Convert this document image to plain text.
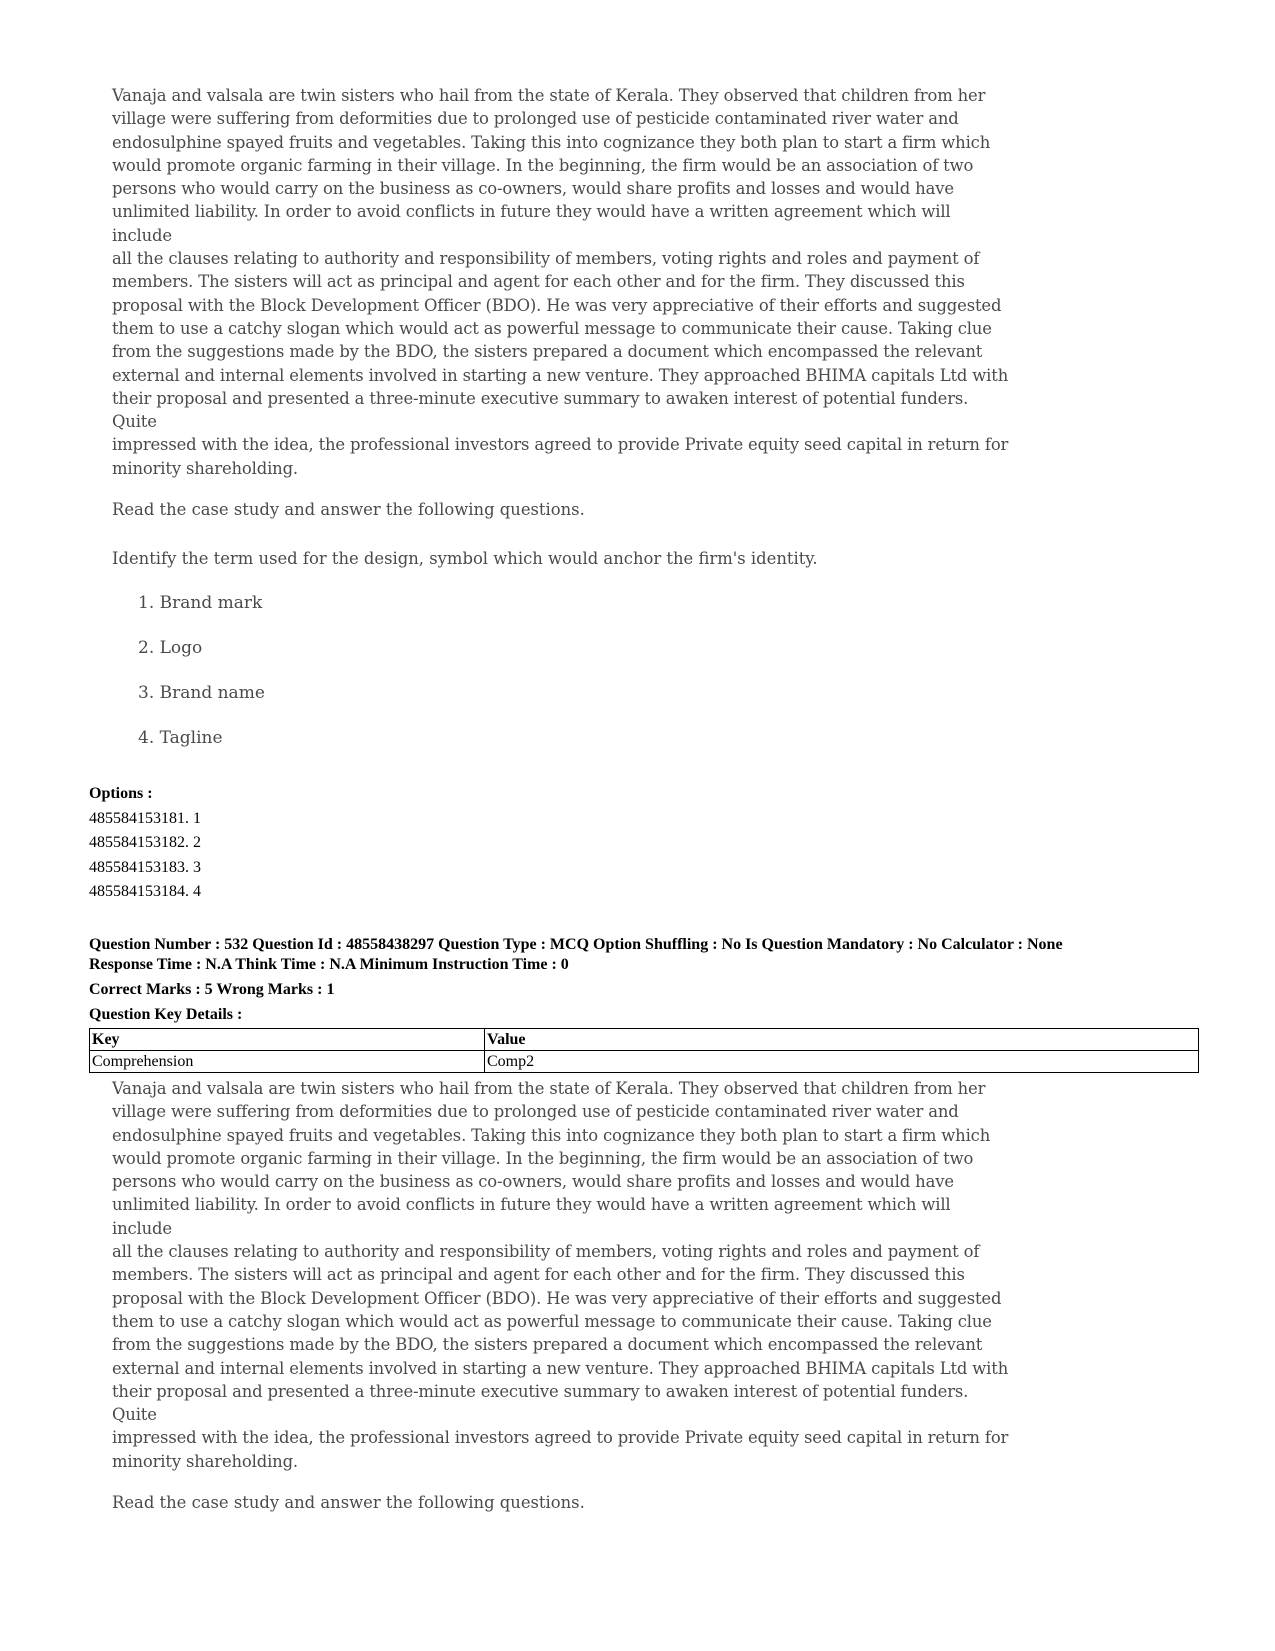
Vanaja and valsala are twin sisters who hail from the state of Kerala. They observed that children from her
village were suffering from deformities due to prolonged use of pesticide contaminated river water and
endosulphine spayed fruits and vegetables. Taking this into cognizance they both plan to start a firm which
would promote organic farming in their village. In the beginning, the firm would be an association of two
persons who would carry on the business as co-owners, would share profits and losses and would have
unlimited liability. In order to avoid conflicts in future they would have a written agreement which will include
all the clauses relating to authority and responsibility of members, voting rights and roles and payment of
members. The sisters will act as principal and agent for each other and for the firm. They discussed this
proposal with the Block Development Officer (BDO). He was very appreciative of their efforts and suggested
them to use a catchy slogan which would act as powerful message to communicate their cause. Taking clue
from the suggestions made by the BDO, the sisters prepared a document which encompassed the relevant
external and internal elements involved in starting a new venture. They approached BHIMA capitals Ltd with
their proposal and presented a three-minute executive summary to awaken interest of potential funders. Quite
impressed with the idea, the professional investors agreed to provide Private equity seed capital in return for
minority shareholding.

Read the case study and answer the following questions.

Identify the term used for the design, symbol which would anchor the firm's identity.
1. Brand mark
2. Logo
3. Brand name
4. Tagline
Options :
485584153181. 1
485584153182. 2
485584153183. 3
485584153184. 4

Question Number : 532 Question Id : 48558438297 Question Type : MCQ Option Shuffling : No Is Question Mandatory : No Calculator : None

Response Time : N.A Think Time : N.A Minimum Instruction Time : 0

Correct Marks : 5 Wrong Marks : 1

Question Key Details :

Key	Value
Comprehension	Comp2

Vanaja and valsala are twin sisters who hail from the state of Kerala. They observed that children from her
village were suffering from deformities due to prolonged use of pesticide contaminated river water and
endosulphine spayed fruits and vegetables. Taking this into cognizance they both plan to start a firm which
would promote organic farming in their village. In the beginning, the firm would be an association of two
persons who would carry on the business as co-owners, would share profits and losses and would have
unlimited liability. In order to avoid conflicts in future they would have a written agreement which will include
all the clauses relating to authority and responsibility of members, voting rights and roles and payment of
members. The sisters will act as principal and agent for each other and for the firm. They discussed this
proposal with the Block Development Officer (BDO). He was very appreciative of their efforts and suggested
them to use a catchy slogan which would act as powerful message to communicate their cause. Taking clue
from the suggestions made by the BDO, the sisters prepared a document which encompassed the relevant
external and internal elements involved in starting a new venture. They approached BHIMA capitals Ltd with
their proposal and presented a three-minute executive summary to awaken interest of potential funders. Quite
impressed with the idea, the professional investors agreed to provide Private equity seed capital in return for
minority shareholding.

Read the case study and answer the following questions.
